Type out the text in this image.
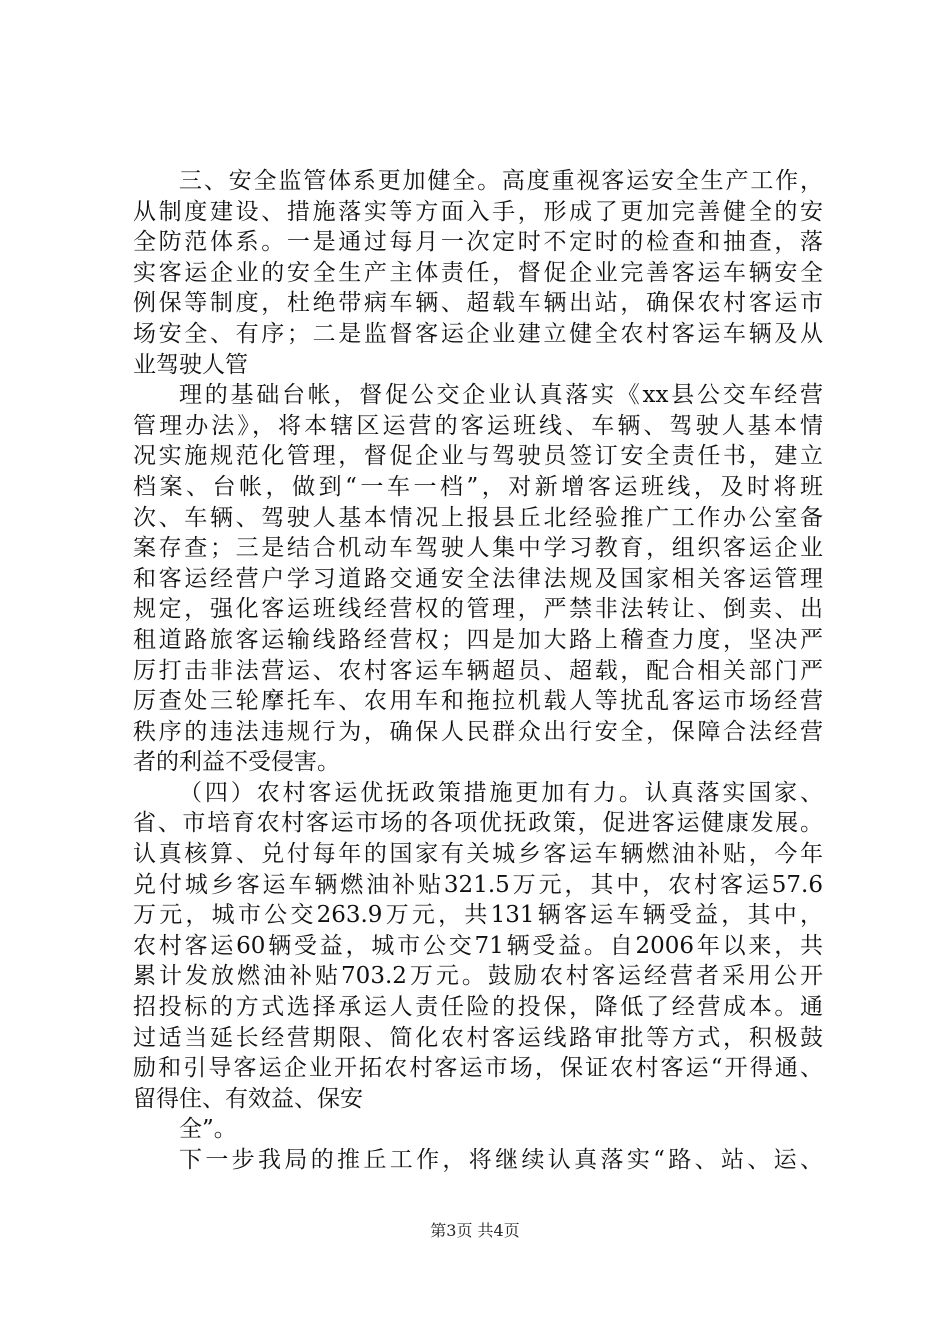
三、安全监管体系更加健全。高度重视客运安全生产工作，
从制度建设、措施落实等方面入手，形成了更加完善健全的安
全防范体系。一是通过每月一次定时不定时的检查和抽查，落
实客运企业的安全生产主体责任，督促企业完善客运车辆安全
例保等制度，杜绝带病车辆、超载车辆出站，确保农村客运市
场安全、有序；二是监督客运企业建立健全农村客运车辆及从
业驾驶人管
理的基础台帐，督促公交企业认真落实《xx县公交车经营
管理办法》，将本辖区运营的客运班线、车辆、驾驶人基本情
况实施规范化管理，督促企业与驾驶员签订安全责任书，建立
档案、台帐，做到“一车一档”，对新增客运班线，及时将班
次、车辆、驾驶人基本情况上报县丘北经验推广工作办公室备
案存查；三是结合机动车驾驶人集中学习教育，组织客运企业
和客运经营户学习道路交通安全法律法规及国家相关客运管理
规定，强化客运班线经营权的管理，严禁非法转让、倒卖、出
租道路旅客运输线路经营权；四是加大路上稽查力度，坚决严
厉打击非法营运、农村客运车辆超员、超载，配合相关部门严
厉查处三轮摩托车、农用车和拖拉机载人等扰乱客运市场经营
秩序的违法违规行为，确保人民群众出行安全，保障合法经营
者的利益不受侵害。
（四）农村客运优抚政策措施更加有力。认真落实国家、
省、市培育农村客运市场的各项优抚政策，促进客运健康发展。
认真核算、兑付每年的国家有关城乡客运车辆燃油补贴，今年
兑付城乡客运车辆燃油补贴321.5万元，其中，农村客运57.6
万元，城市公交263.9万元，共131辆客运车辆受益，其中，
农村客运60辆受益，城市公交71辆受益。自2006年以来，共
累计发放燃油补贴703.2万元。鼓励农村客运经营者采用公开
招投标的方式选择承运人责任险的投保，降低了经营成本。通
过适当延长经营期限、简化农村客运线路审批等方式，积极鼓
励和引导客运企业开拓农村客运市场，保证农村客运“开得通、
留得住、有效益、保安
全”。
下一步我局的推丘工作，将继续认真落实“路、站、运、
第3页 共4页
